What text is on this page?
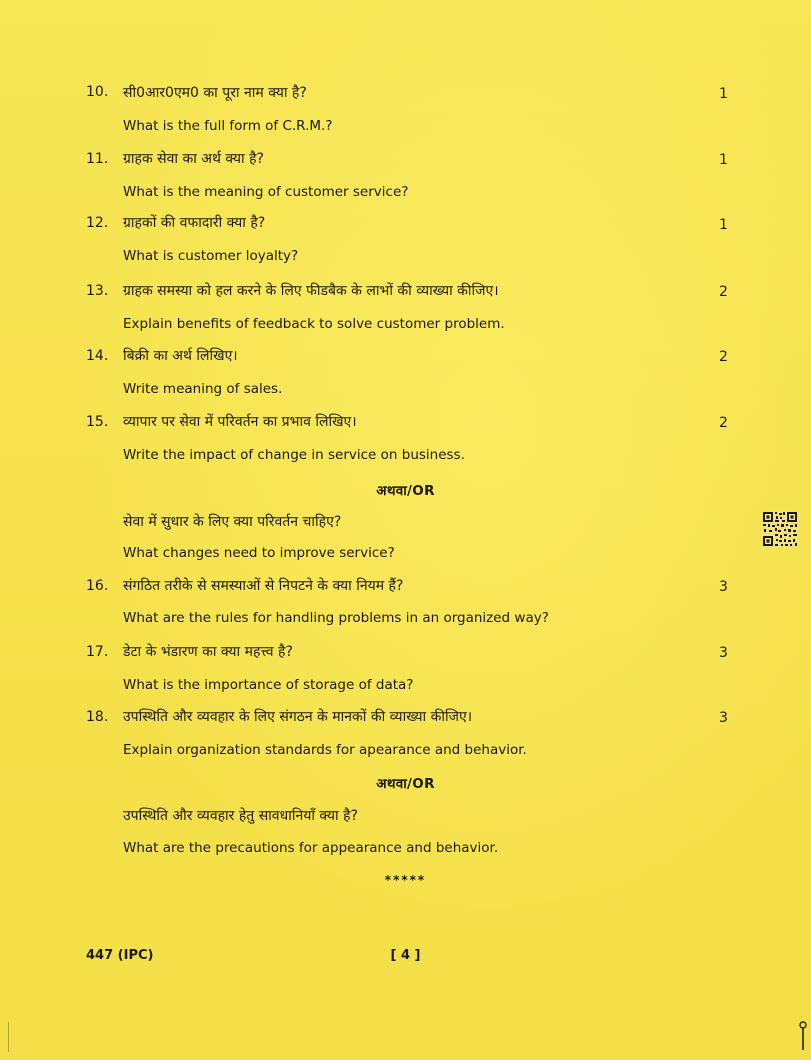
10. सी0आर0एम0 का पूरा नाम क्या है?	1
What is the full form of C.R.M.?
11. ग्राहक सेवा का अर्थ क्या है?	1
What is the meaning of customer service?
12. ग्राहकों की वफादारी क्या है?	1
What is customer loyalty?
13. ग्राहक समस्या को हल करने के लिए फीडबैक के लाभों की व्याख्या कीजिए।	2
Explain benefits of feedback to solve customer problem.
14. बिक्री का अर्थ लिखिए।	2
Write meaning of sales.
15. व्यापार पर सेवा में परिवर्तन का प्रभाव लिखिए।	2
Write the impact of change in service on business.
अथवा/OR
सेवा में सुधार के लिए क्या परिवर्तन चाहिए?
What changes need to improve service?
16. संगठित तरीके से समस्याओं से निपटने के क्या नियम हैं?	3
What are the rules for handling problems in an organized way?
17. डेटा के भंडारण का क्या महत्त्व है?	3
What is the importance of storage of data?
18. उपस्थिति और व्यवहार के लिए संगठन के मानकों की व्याख्या कीजिए।	3
Explain organization standards for apearance and behavior.
अथवा/OR
उपस्थिति और व्यवहार हेतु सावधानियाँ क्या है?
What are the precautions for appearance and behavior.
*****
447 (IPC)	[ 4 ]
